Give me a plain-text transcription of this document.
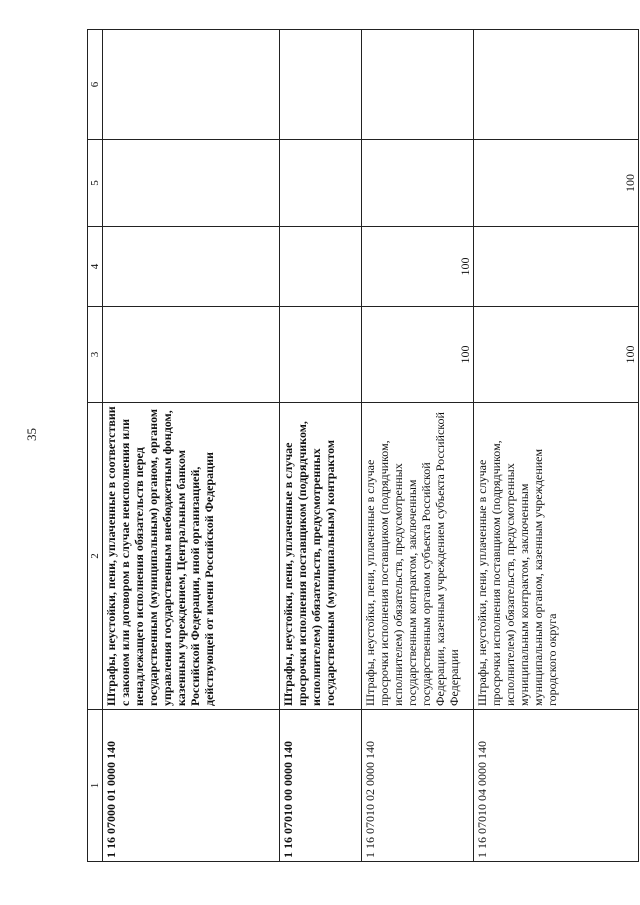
35
1	2	3	4	5	6
1 16 07000 01 0000 140	Штрафы, неустойки, пени, уплаченные в соответствии с законом или договором в случае неисполнения или ненадлежащего исполнения обязательств перед государственным (муниципальным) органом, органом управления государственным внебюджетным фондом, казенным учреждением, Центральным банком Российской Федерации, иной организацией, действующей от имени Российской Федерации				
1 16 07010 00 0000 140	Штрафы, неустойки, пени, уплаченные в случае просрочки исполнения поставщиком (подрядчиком, исполнителем) обязательств, предусмотренных государственным (муниципальным) контрактом				
1 16 07010 02 0000 140	Штрафы, неустойки, пени, уплаченные в случае просрочки исполнения поставщиком (подрядчиком, исполнителем) обязательств, предусмотренных государственным контрактом, заключенным государственным органом субъекта Российской Федерации, казенным учреждением субъекта Российской Федерации	100	100		
1 16 07010 04 0000 140	Штрафы, неустойки, пени, уплаченные в случае просрочки исполнения поставщиком (подрядчиком, исполнителем) обязательств, предусмотренных муниципальным контрактом, заключенным муниципальным органом, казенным учреждением городского округа	100		100	
